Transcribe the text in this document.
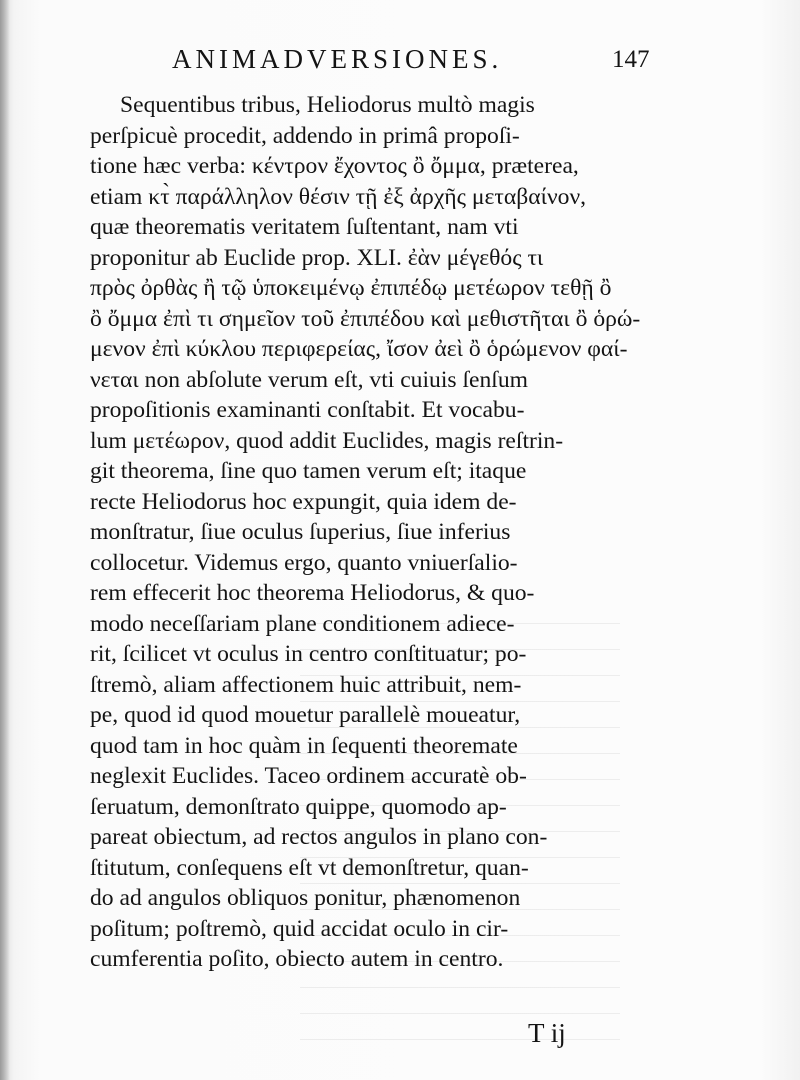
ANIMADVERSIONES.	147
Sequentibus tribus, Heliodorus multò magis
perſpicuè procedit, addendo in primâ propoſi-
tione hæc verba: κέντρον ἔχοντος ὂ ὄμμα, præterea,
etiam κτ̀ παράλληλον θέσιν τῇ ἐξ ἀρχῆς μεταβαίνον,
quæ theorematis veritatem ſuſtentant, nam vti
proponitur ab Euclide prop. XLI. ἐὰν μέγεθός τι
πρὸς ὀρθὰς ἢ τῷ ὑποκειμένῳ ἐπιπέδῳ μετέωρον τεθῇ ὂ
ὂ ὄμμα ἐπὶ τι σημεῖον τοῦ ἐπιπέδου καὶ μεθιστῆται ὂ ὁρώ-
μενον ἐπὶ κύκλου περιφερείας, ἴσον ἀεὶ ὂ ὁρώμενον φαί-
νεται non abſolute verum eſt, vti cuiuis ſenſum
propoſitionis examinanti conſtabit. Et vocabu-
lum μετέωρον, quod addit Euclides, magis reſtrin-
git theorema, ſine quo tamen verum eſt; itaque
recte Heliodorus hoc expungit, quia idem de-
monſtratur, ſiue oculus ſuperius, ſiue inferius
collocetur. Videmus ergo, quanto vniuerſalio-
rem effecerit hoc theorema Heliodorus, & quo-
modo neceſſariam plane conditionem adiece-
rit, ſcilicet vt oculus in centro conſtituatur; po-
ſtremò, aliam affectionem huic attribuit, nem-
pe, quod id quod mouetur parallelè moueatur,
quod tam in hoc quàm in ſequenti theoremate
neglexit Euclides. Taceo ordinem accuratè ob-
ſeruatum, demonſtrato quippe, quomodo ap-
pareat obiectum, ad rectos angulos in plano con-
ſtitutum, conſequens eſt vt demonſtretur, quan-
do ad angulos obliquos ponitur, phænomenon
poſitum; poſtremò, quid accidat oculo in cir-
cumferentia poſito, obiecto autem in centro.
T ij
